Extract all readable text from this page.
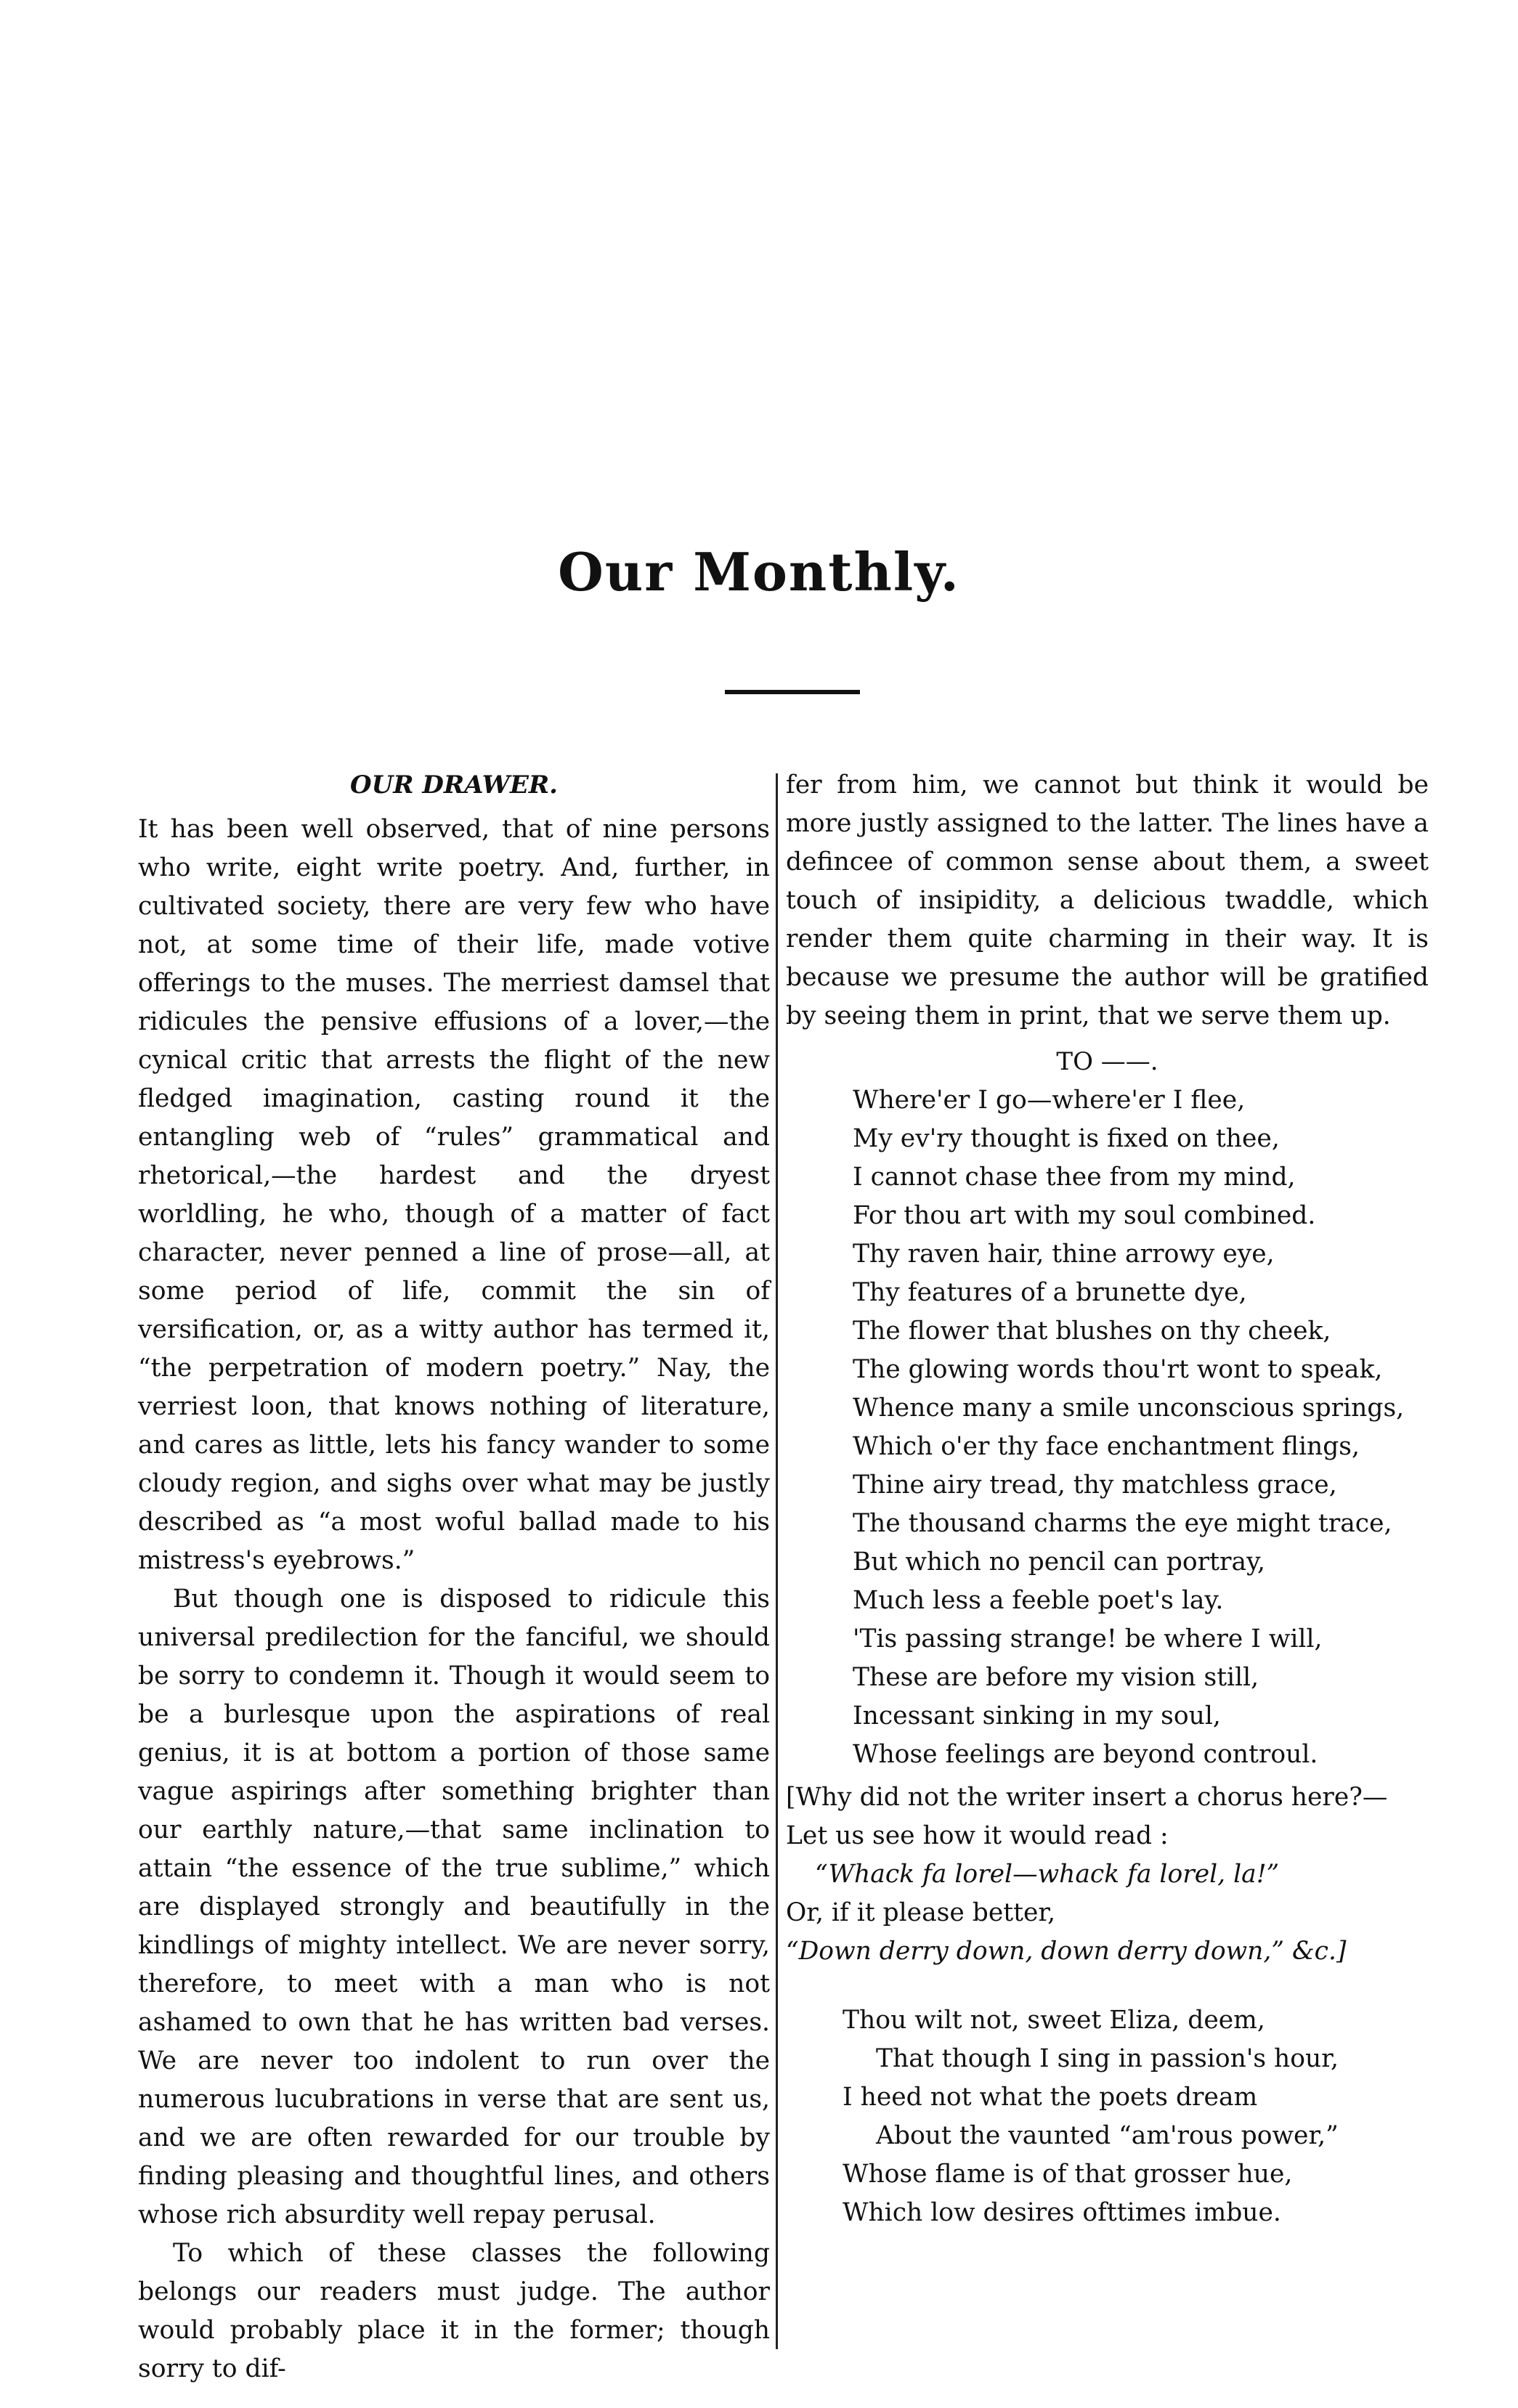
Our Monthly.
OUR DRAWER.

It has been well observed, that of nine persons who write, eight write poetry. And, further, in cultivated society, there are very few who have not, at some time of their life, made votive offerings to the muses. The merriest damsel that ridicules the pensive effusions of a lover,—the cynical critic that arrests the flight of the new fledged imagination, casting round it the entangling web of “rules” grammatical and rhetorical,—the hardest and the dryest worldling, he who, though of a matter of fact character, never penned a line of prose—all, at some period of life, commit the sin of versification, or, as a witty author has termed it, “the perpetration of modern poetry.” Nay, the verriest loon, that knows nothing of literature, and cares as little, lets his fancy wander to some cloudy region, and sighs over what may be justly described as “a most woful ballad made to his mistress's eyebrows.”

But though one is disposed to ridicule this universal predilection for the fanciful, we should be sorry to condemn it. Though it would seem to be a burlesque upon the aspirations of real genius, it is at bottom a portion of those same vague aspirings after something brighter than our earthly nature,—that same inclination to attain “the essence of the true sublime,” which are displayed strongly and beautifully in the kindlings of mighty intellect. We are never sorry, therefore, to meet with a man who is not ashamed to own that he has written bad verses. We are never too indolent to run over the numerous lucubrations in verse that are sent us, and we are often rewarded for our trouble by finding pleasing and thoughtful lines, and others whose rich absurdity well repay perusal.

To which of these classes the following belongs our readers must judge. The author would probably place it in the former; though sorry to dif-

fer from him, we cannot but think it would be more justly assigned to the latter. The lines have a defincee of common sense about them, a sweet touch of insipidity, a delicious twaddle, which render them quite charming in their way. It is because we presume the author will be gratified by seeing them in print, that we serve them up.

TO ——.
Where'er I go—where'er I flee,
My ev'ry thought is fixed on thee,
I cannot chase thee from my mind,
For thou art with my soul combined.
Thy raven hair, thine arrowy eye,
Thy features of a brunette dye,
The flower that blushes on thy cheek,
The glowing words thou'rt wont to speak,
Whence many a smile unconscious springs,
Which o'er thy face enchantment flings,
Thine airy tread, thy matchless grace,
The thousand charms the eye might trace,
But which no pencil can portray,
Much less a feeble poet's lay.
'Tis passing strange! be where I will,
These are before my vision still,
Incessant sinking in my soul,
Whose feelings are beyond controul.
[Why did not the writer insert a chorus here?—
Let us see how it would read :
“Whack fa lorel—whack fa lorel, la!”
Or, if it please better,
“Down derry down, down derry down,” &c.]
Thou wilt not, sweet Eliza, deem,
That though I sing in passion's hour,
I heed not what the poets dream
About the vaunted “am'rous power,”
Whose flame is of that grosser hue,
Which low desires ofttimes imbue.
